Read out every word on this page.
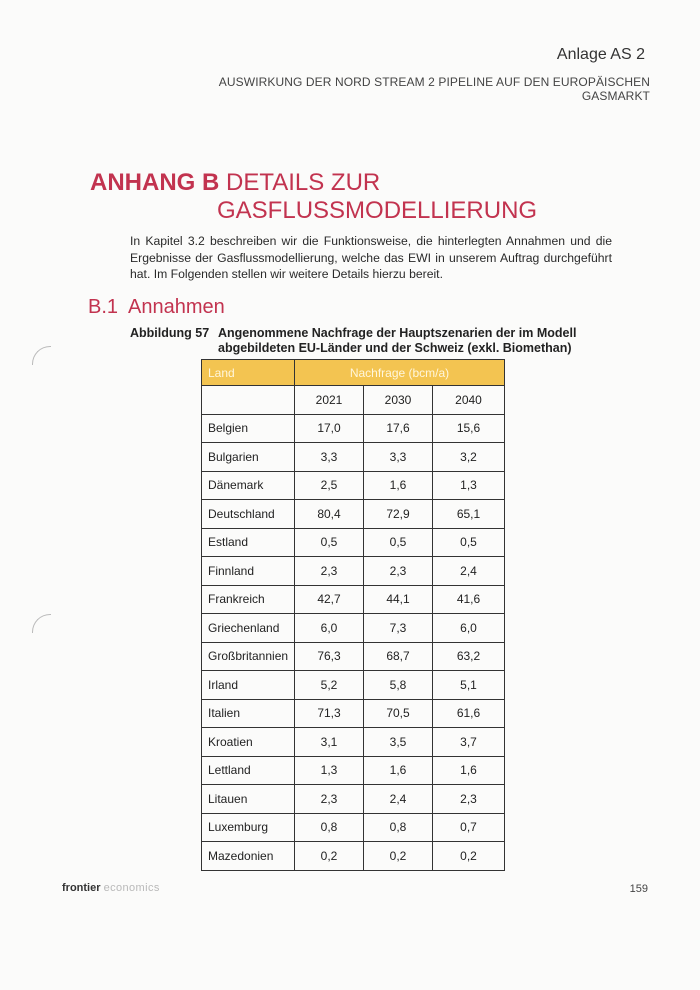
Anlage AS 2
AUSWIRKUNG DER NORD STREAM 2 PIPELINE AUF DEN EUROPÄISCHEN
GASMARKT
ANHANG B DETAILS ZUR
GASFLUSSMODELLIERUNG
In Kapitel 3.2 beschreiben wir die Funktionsweise, die hinterlegten Annahmen und die Ergebnisse der Gasflussmodellierung, welche das EWI in unserem Auftrag durchgeführt hat. Im Folgenden stellen wir weitere Details hierzu bereit.
B.1 Annahmen
Abbildung 57 Angenommene Nachfrage der Hauptszenarien der im Modell abgebildeten EU-Länder und der Schweiz (exkl. Biomethan)
Land	Nachfrage (bcm/a)		
	2021	2030	2040
Belgien	17,0	17,6	15,6
Bulgarien	3,3	3,3	3,2
Dänemark	2,5	1,6	1,3
Deutschland	80,4	72,9	65,1
Estland	0,5	0,5	0,5
Finnland	2,3	2,3	2,4
Frankreich	42,7	44,1	41,6
Griechenland	6,0	7,3	6,0
Großbritannien	76,3	68,7	63,2
Irland	5,2	5,8	5,1
Italien	71,3	70,5	61,6
Kroatien	3,1	3,5	3,7
Lettland	1,3	1,6	1,6
Litauen	2,3	2,4	2,3
Luxemburg	0,8	0,8	0,7
Mazedonien	0,2	0,2	0,2
frontier economics	159
